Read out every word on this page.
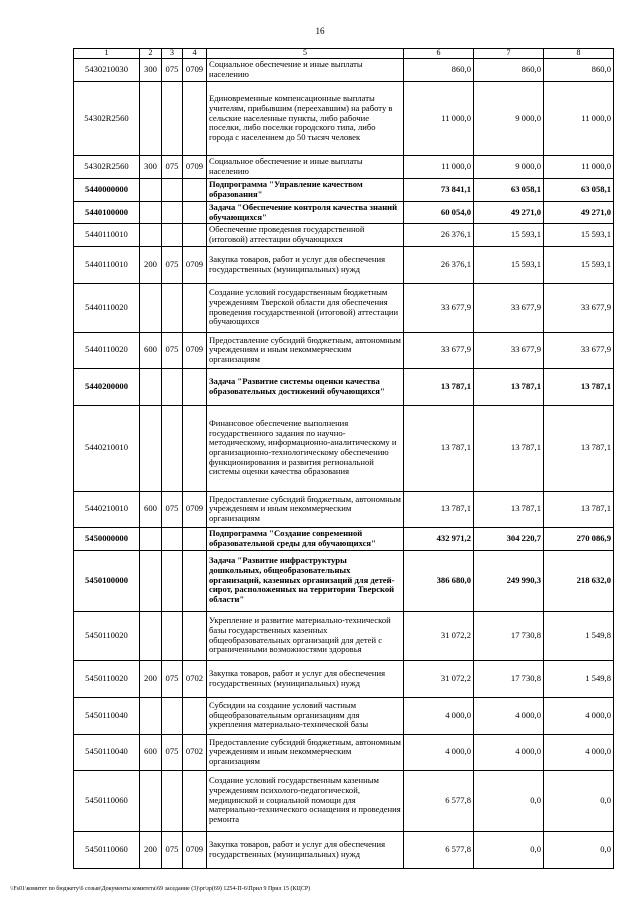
16
1	2	3	4	5	6	7	8
5430210030	300	075	0709	Социальное обеспечение и иные выплаты населению	860,0	860,0	860,0
54302R2560				Единовременные компенсационные выплаты учителям, прибывшим (переехавшим) на работу в сельские населенные пункты, либо рабочие поселки, либо поселки городского типа, либо города с населением до 50 тысяч человек	11 000,0	9 000,0	11 000,0
54302R2560	300	075	0709	Социальное обеспечение и иные выплаты населению	11 000,0	9 000,0	11 000,0
5440000000				Подпрограмма "Управление качеством образования"	73 841,1	63 058,1	63 058,1
5440100000				Задача "Обеспечение контроля качества знаний обучающихся"	60 054,0	49 271,0	49 271,0
5440110010				Обеспечение проведения государственной (итоговой) аттестации обучающихся	26 376,1	15 593,1	15 593,1
5440110010	200	075	0709	Закупка товаров, работ и услуг для обеспечения государственных (муниципальных) нужд	26 376,1	15 593,1	15 593,1
5440110020				Создание условий государственным бюджетным учреждениям Тверской области для обеспечения проведения государственной (итоговой) аттестации обучающихся	33 677,9	33 677,9	33 677,9
5440110020	600	075	0709	Предоставление субсидий бюджетным, автономным учреждениям и иным некоммерческим организациям	33 677,9	33 677,9	33 677,9
5440200000				Задача "Развитие системы оценки качества образовательных достижений обучающихся"	13 787,1	13 787,1	13 787,1
5440210010				Финансовое обеспечение выполнения государственного задания по научно-методическому, информационно-аналитическому и организационно-технологическому обеспечению функционирования и развития региональной системы оценки качества образования	13 787,1	13 787,1	13 787,1
5440210010	600	075	0709	Предоставление субсидий бюджетным, автономным учреждениям и иным некоммерческим организациям	13 787,1	13 787,1	13 787,1
5450000000				Подпрограмма "Создание современной образовательной среды для обучающихся"	432 971,2	304 220,7	270 086,9
5450100000				Задача "Развитие инфраструктуры дошкольных, общеобразовательных организаций, казенных организаций для детей-сирот, расположенных на территории Тверской области"	386 680,0	249 990,3	218 632,0
5450110020				Укрепление и развитие материально-технической базы государственных казенных общеобразовательных организаций для детей с ограниченными возможностями здоровья	31 072,2	17 730,8	1 549,8
5450110020	200	075	0702	Закупка товаров, работ и услуг для обеспечения государственных (муниципальных) нужд	31 072,2	17 730,8	1 549,8
5450110040				Субсидии на создание условий частным общеобразовательным организациям для укрепления материально-технической базы	4 000,0	4 000,0	4 000,0
5450110040	600	075	0702	Предоставление субсидий бюджетным, автономным учреждениям и иным некоммерческим организациям	4 000,0	4 000,0	4 000,0
5450110060				Создание условий государственным казенным учреждениям психолого-педагогической, медицинской и социальной помощи для материально-технического оснащения и проведения ремонта	6 577,8	0,0	0,0
5450110060	200	075	0709	Закупка товаров, работ и услуг для обеспечения государственных (муниципальных) нужд	6 577,8	0,0	0,0
\\Fs01\комитет по бюджету\6 созыв\Документы комитета\69 заседание (3)\pr\зр(69) 1254-П-6\Прил 9 Прил 15 (КЦСР)
